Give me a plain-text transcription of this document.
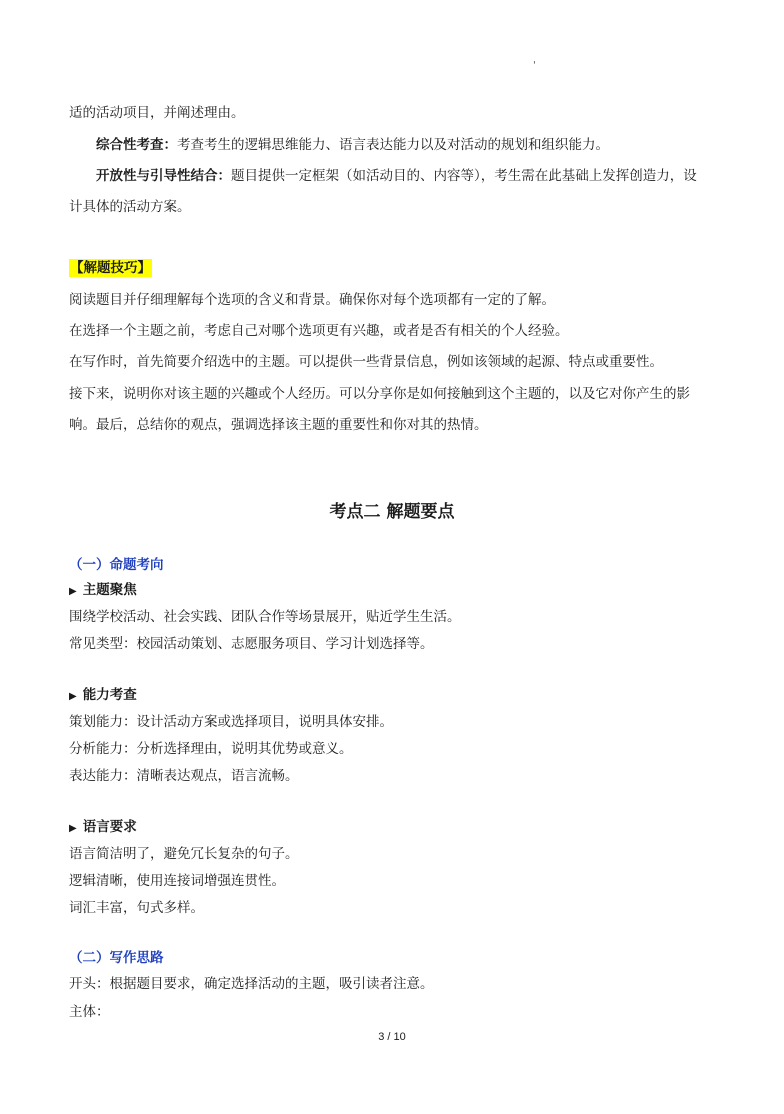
'
适的活动项目，并阐述理由。
综合性考查：考查考生的逻辑思维能力、语言表达能力以及对活动的规划和组织能力。
开放性与引导性结合：题目提供一定框架（如活动目的、内容等），考生需在此基础上发挥创造力，设
计具体的活动方案。
【解题技巧】
阅读题目并仔细理解每个选项的含义和背景。确保你对每个选项都有一定的了解。
在选择一个主题之前，考虑自己对哪个选项更有兴趣，或者是否有相关的个人经验。
在写作时，首先简要介绍选中的主题。可以提供一些背景信息，例如该领域的起源、特点或重要性。
接下来，说明你对该主题的兴趣或个人经历。可以分享你是如何接触到这个主题的，以及它对你产生的影
响。最后，总结你的观点，强调选择该主题的重要性和你对其的热情。
考点二 解题要点
（一）命题考向
▶ 主题聚焦
围绕学校活动、社会实践、团队合作等场景展开，贴近学生生活。
常见类型：校园活动策划、志愿服务项目、学习计划选择等。
▶ 能力考查
策划能力：设计活动方案或选择项目，说明具体安排。
分析能力：分析选择理由，说明其优势或意义。
表达能力：清晰表达观点，语言流畅。
▶ 语言要求
语言简洁明了，避免冗长复杂的句子。
逻辑清晰，使用连接词增强连贯性。
词汇丰富，句式多样。
（二）写作思路
开头：根据题目要求，确定选择活动的主题，吸引读者注意。
主体：
3 / 10
